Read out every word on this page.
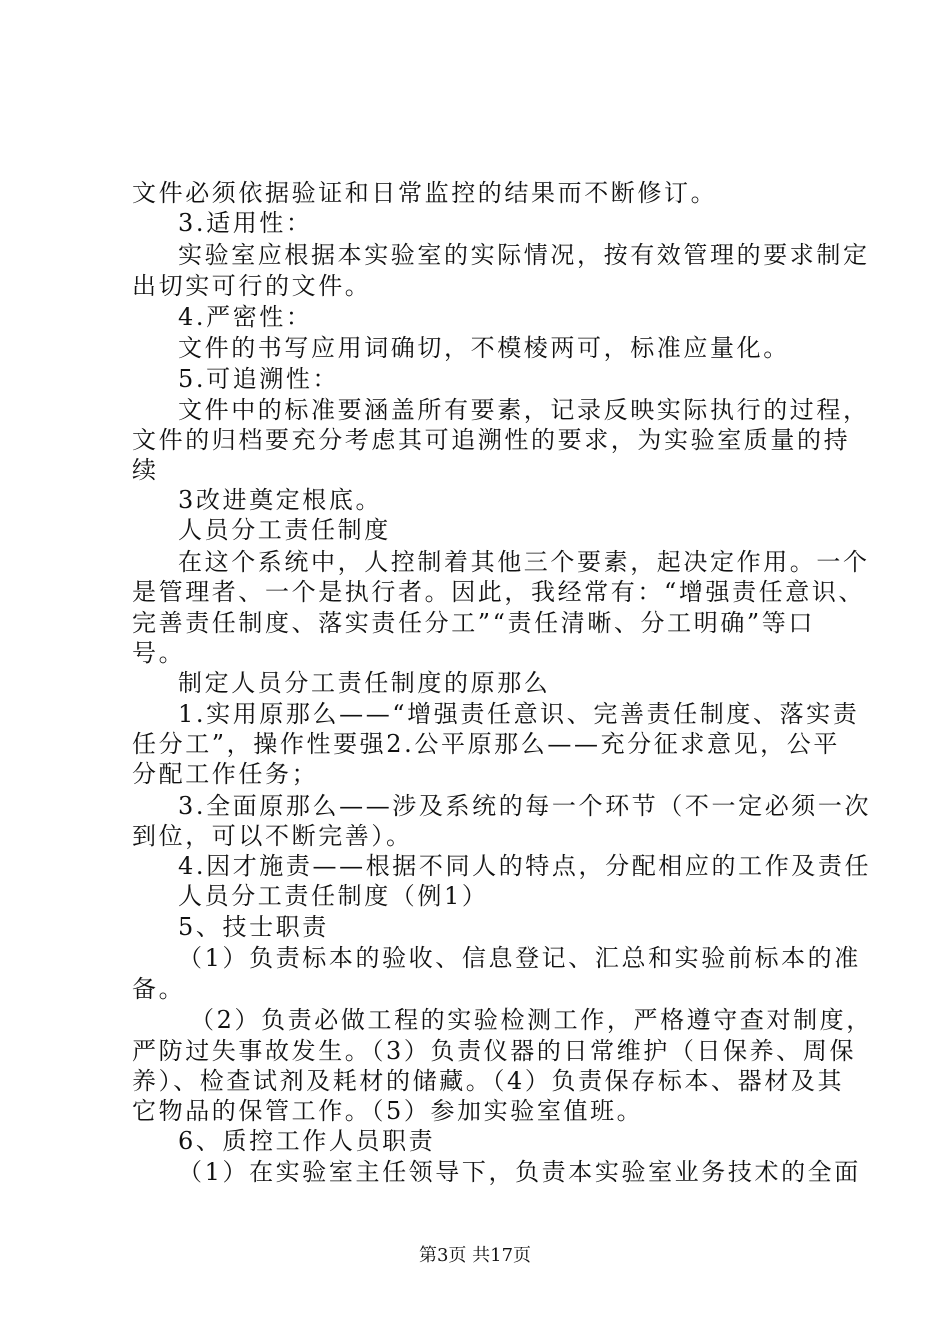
文件必须依据验证和日常监控的结果而不断修订。
3.适用性：
实验室应根据本实验室的实际情况，按有效管理的要求制定
出切实可行的文件。
4.严密性：
文件的书写应用词确切，不模棱两可，标准应量化。
5.可追溯性：
文件中的标准要涵盖所有要素，记录反映实际执行的过程，
文件的归档要充分考虑其可追溯性的要求，为实验室质量的持
续
3改进奠定根底。
人员分工责任制度
在这个系统中，人控制着其他三个要素，起决定作用。一个
是管理者、一个是执行者。因此，我经常有：“增强责任意识、
完善责任制度、落实责任分工”“责任清晰、分工明确”等口
号。
制定人员分工责任制度的原那么
1.实用原那么——“增强责任意识、完善责任制度、落实责
任分工”，操作性要强2.公平原那么——充分征求意见，公平
分配工作任务；
3.全面原那么——涉及系统的每一个环节（不一定必须一次
到位，可以不断完善）。
4.因才施责——根据不同人的特点，分配相应的工作及责任
人员分工责任制度（例1）
5、技士职责
（1）负责标本的验收、信息登记、汇总和实验前标本的准
备。
（2）负责必做工程的实验检测工作，严格遵守查对制度，
严防过失事故发生。（3）负责仪器的日常维护（日保养、周保
养）、检查试剂及耗材的储藏。（4）负责保存标本、器材及其
它物品的保管工作。（5）参加实验室值班。
6、质控工作人员职责
（1）在实验室主任领导下，负责本实验室业务技术的全面
第3页 共17页
